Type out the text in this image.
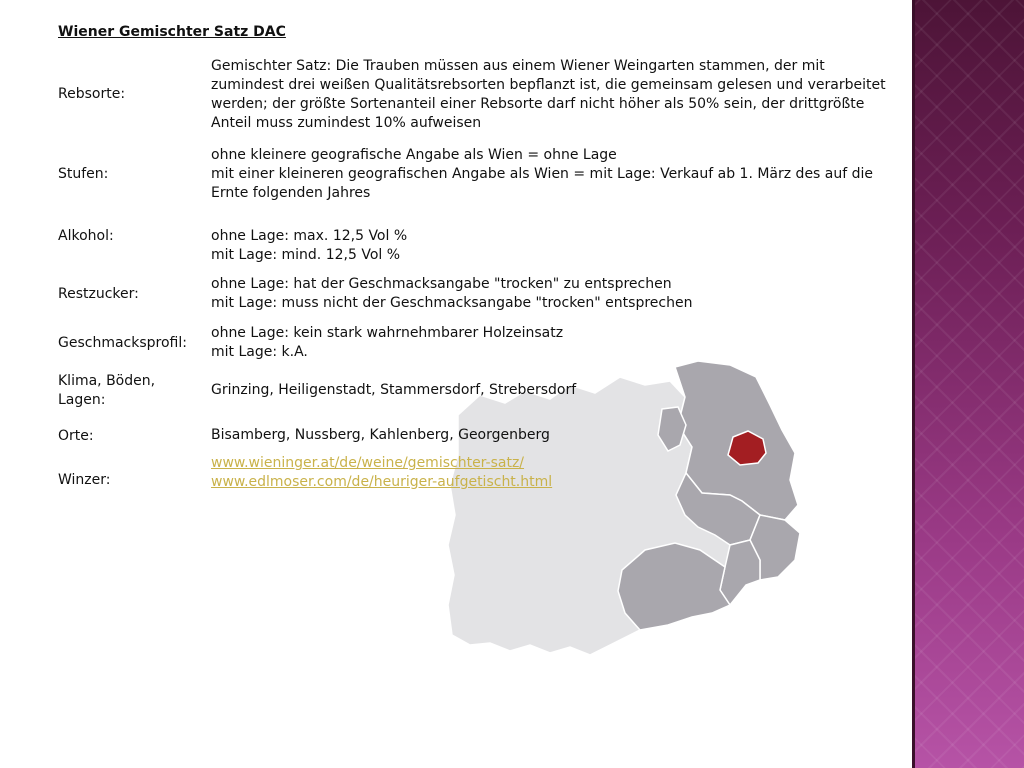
Wiener Gemischter Satz DAC
Rebsorte:
Gemischter Satz: Die Trauben müssen aus einem Wiener Weingarten stammen, der mit
zumindest drei weißen Qualitätsrebsorten bepflanzt ist, die gemeinsam gelesen und verarbeitet
werden; der größte Sortenanteil einer Rebsorte darf nicht höher als 50% sein, der drittgrößte
Anteil muss zumindest 10% aufweisen
Stufen:
ohne kleinere geografische Angabe als Wien = ohne Lage
mit einer kleineren geografischen Angabe als Wien = mit Lage: Verkauf ab 1. März des auf die
Ernte folgenden Jahres
Alkohol:	ohne Lage: max. 12,5 Vol %
mit Lage: mind. 12,5 Vol %
Restzucker:
ohne Lage: hat der Geschmacksangabe "trocken" zu entsprechen
mit Lage: muss nicht der Geschmacksangabe "trocken" entsprechen
Geschmacksprofil:
ohne Lage: kein stark wahrnehmbarer Holzeinsatz
mit Lage: k.A.
Klima, Böden,
Lagen:
Grinzing, Heiligenstadt, Stammersdorf, Strebersdorf
Orte:	Bisamberg, Nussberg, Kahlenberg, Georgenberg
Winzer:
www.wieninger.at/de/weine/gemischter-satz/
www.edlmoser.com/de/heuriger-aufgetischt.html
